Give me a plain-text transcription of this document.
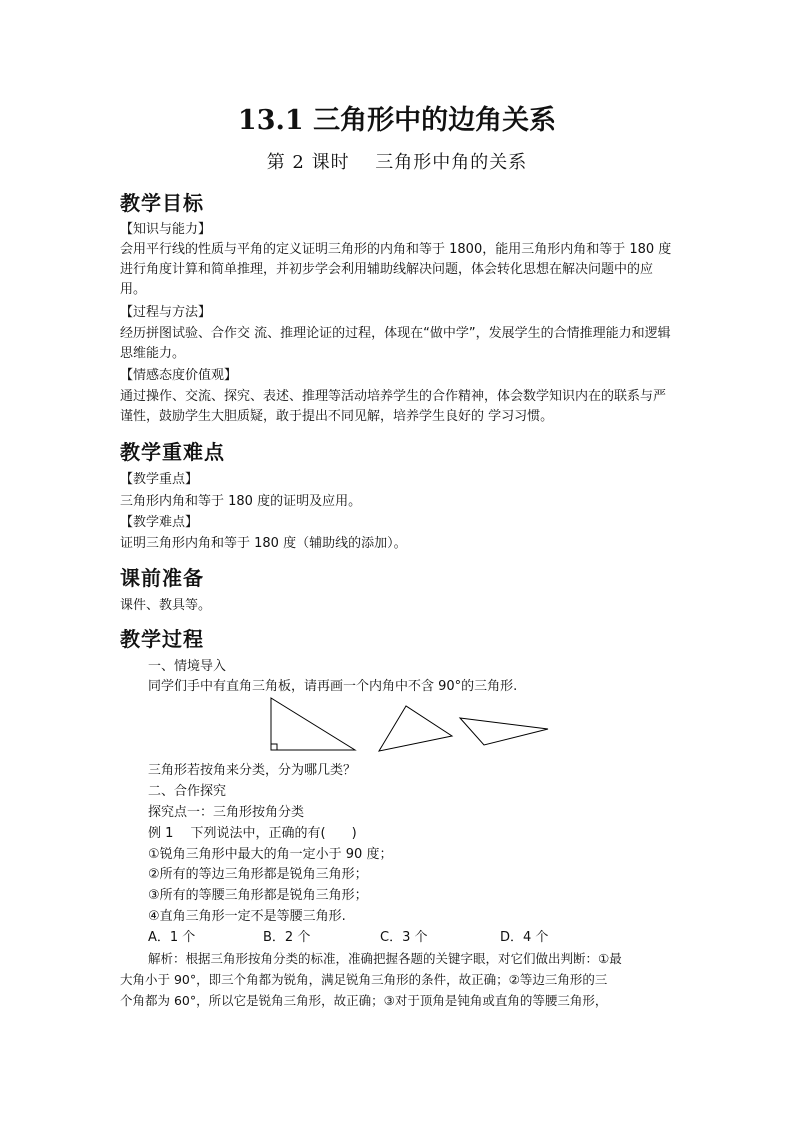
13.1 三角形中的边角关系
第 2 课时　 三角形中角的关系
教学目标
【知识与能力】
会用平行线的性质与平角的定义证明三角形的内角和等于 1800，能用三角形内角和等于 180 度进行角度计算和简单推理，并初步学会利用辅助线解决问题，体会转化思想在解决问题中的应用。
【过程与方法】
经历拼图试验、合作交 流、推理论证的过程，体现在“做中学”，发展学生的合情推理能力和逻辑思维能力。
【情感态度价值观】
通过操作、交流、探究、表述、推理等活动培养学生的合作精神，体会数学知识内在的联系与严谨性，鼓励学生大胆质疑，敢于提出不同见解，培养学生良好的 学习习惯。
教学重难点
【教学重点】
三角形内角和等于 180 度的证明及应用。
【教学难点】
证明三角形内角和等于 180 度（辅助线的添加）。
课前准备
课件、教具等。
教学过程
一、情境导入
同学们手中有直角三角板，请再画一个内角中不含 90°的三角形.
三角形若按角来分类，分为哪几类？
二、合作探究
探究点一：三角形按角分类
例 1　 下列说法中，正确的有(　　)
①锐角三角形中最大的角一定小于 90 度；
②所有的等边三角形都是锐角三角形；
③所有的等腰三角形都是锐角三角形；
④直角三角形一定不是等腰三角形.
A．1 个	B．2 个	C．3 个	D．4 个
解析：根据三角形按角分类的标准，准确把握各题的关键字眼，对它们做出判断：①最
大角小于 90°，即三个角都为锐角，满足锐角三角形的条件，故正确；②等边三角形的三
个角都为 60°，所以它是锐角三角形，故正确；③对于顶角是钝角或直角的等腰三角形，
